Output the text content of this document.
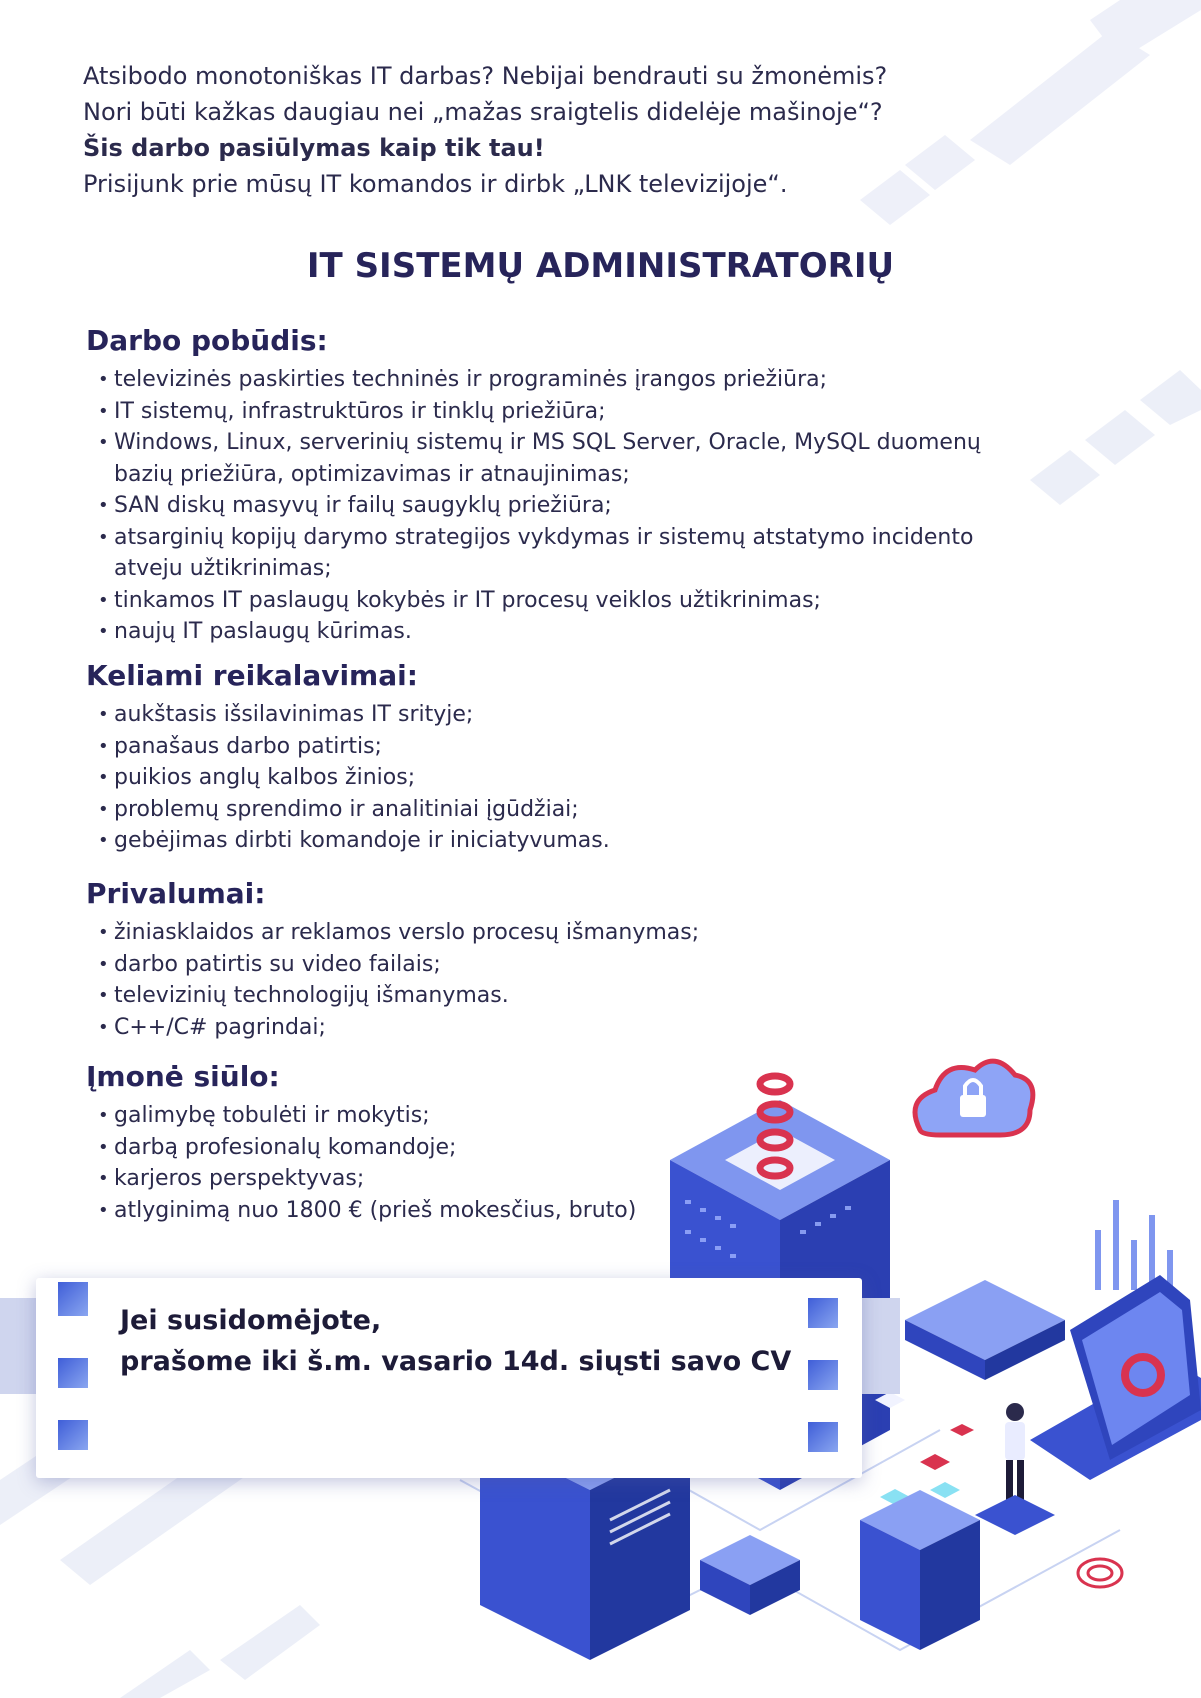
Atsibodo monotoniškas IT darbas? Nebijai bendrauti su žmonėmis?
Nori būti kažkas daugiau nei „mažas sraigtelis didelėje mašinoje“?
Šis darbo pasiūlymas kaip tik tau!
Prisijunk prie mūsų IT komandos ir dirbk „LNK televizijoje“.
IT SISTEMŲ ADMINISTRATORIŲ
Darbo pobūdis:
• televizinės paskirties techninės ir programinės įrangos priežiūra;
• IT sistemų, infrastruktūros ir tinklų priežiūra;
• Windows, Linux, serverinių sistemų ir MS SQL Server, Oracle, MySQL duomenų bazių priežiūra, optimizavimas ir atnaujinimas;
• SAN diskų masyvų ir failų saugyklų priežiūra;
• atsarginių kopijų darymo strategijos vykdymas ir sistemų atstatymo incidento atveju užtikrinimas;
• tinkamos IT paslaugų kokybės ir IT procesų veiklos užtikrinimas;
• naujų IT paslaugų kūrimas.
Keliami reikalavimai:
• aukštasis išsilavinimas IT srityje;
• panašaus darbo patirtis;
• puikios anglų kalbos žinios;
• problemų sprendimo ir analitiniai įgūdžiai;
• gebėjimas dirbti komandoje ir iniciatyvumas.
Privalumai:
• žiniasklaidos ar reklamos verslo procesų išmanymas;
• darbo patirtis su video failais;
• televizinių technologijų išmanymas.
• C++/C# pagrindai;
Įmonė siūlo:
• galimybę tobulėti ir mokytis;
• darbą profesionalų komandoje;
• karjeros perspektyvas;
• atlyginimą nuo 1800 € (prieš mokesčius, bruto)
Jei susidomėjote,
prašome iki š.m. vasario 14d. siųsti savo CV
